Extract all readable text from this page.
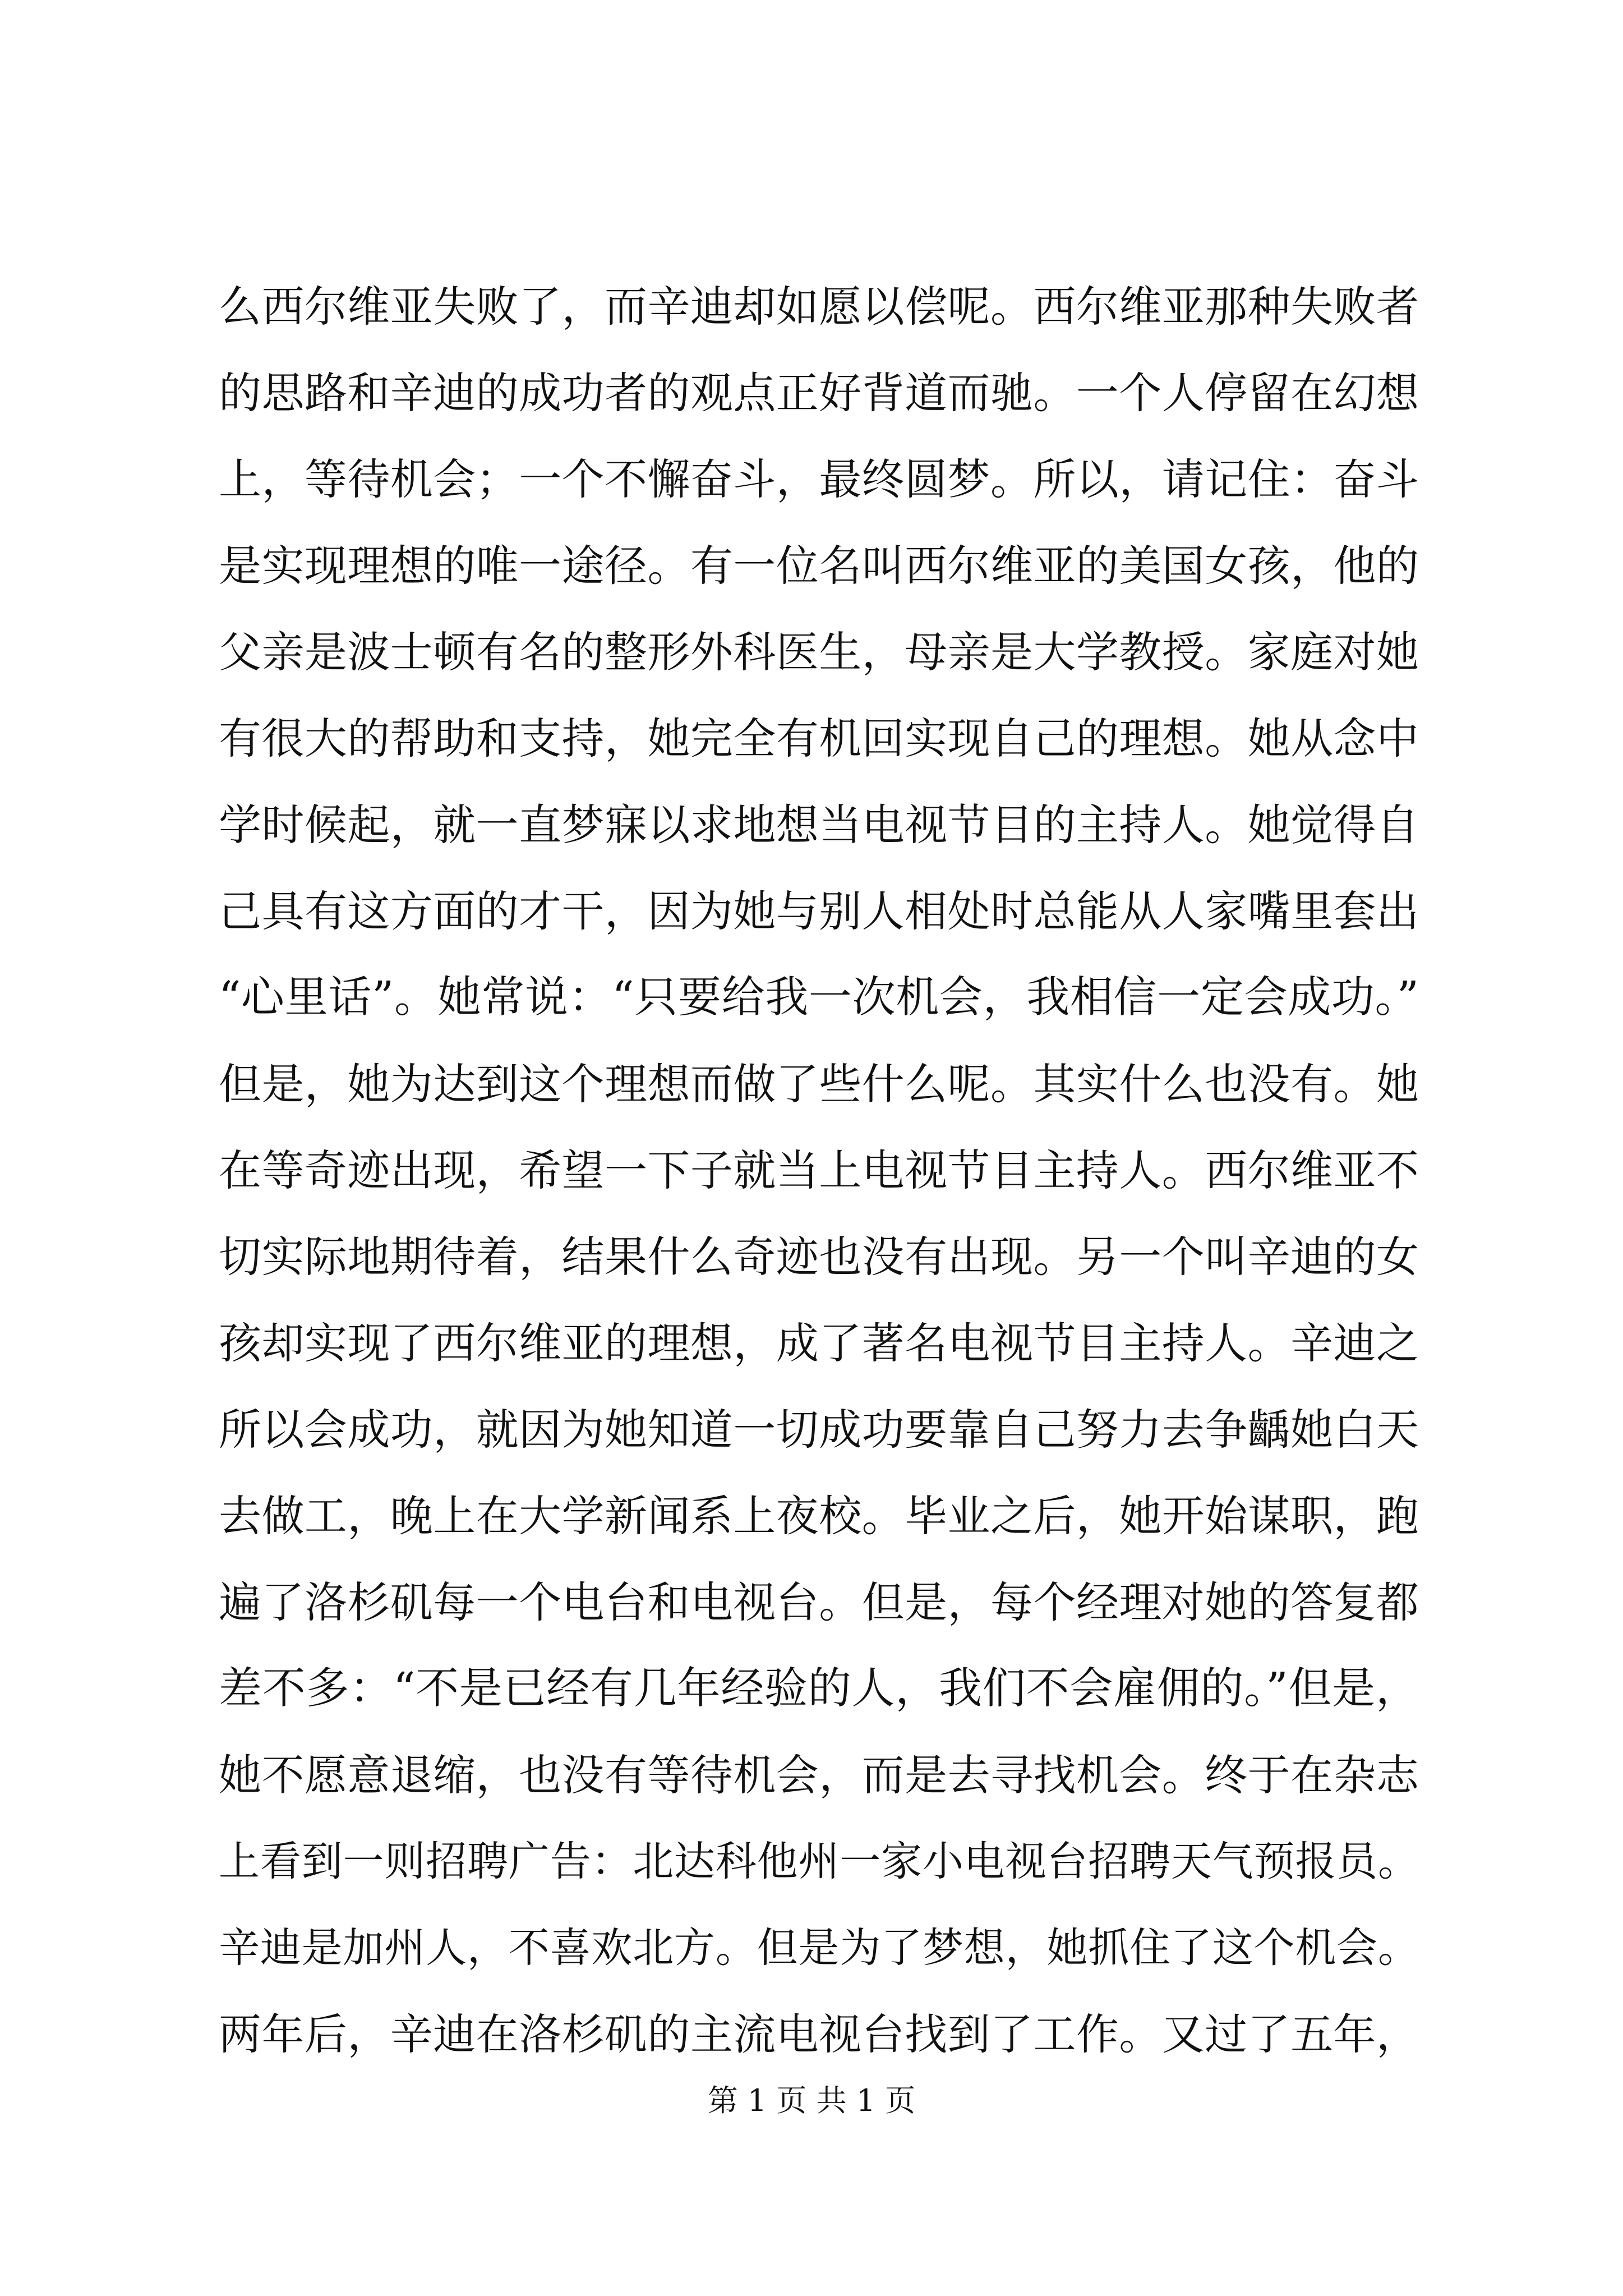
么西尔维亚失败了，而辛迪却如愿以偿呢。西尔维亚那种失败者
的思路和辛迪的成功者的观点正好背道而驰。一个人停留在幻想
上，等待机会；一个不懈奋斗，最终圆梦。所以，请记住：奋斗
是实现理想的唯一途径。有一位名叫西尔维亚的美国女孩，他的
父亲是波士顿有名的整形外科医生，母亲是大学教授。家庭对她
有很大的帮助和支持，她完全有机回实现自己的理想。她从念中
学时候起，就一直梦寐以求地想当电视节目的主持人。她觉得自
己具有这方面的才干，因为她与别人相处时总能从人家嘴里套出
“心里话”。她常说：“只要给我一次机会，我相信一定会成功。”
但是，她为达到这个理想而做了些什么呢。其实什么也没有。她
在等奇迹出现，希望一下子就当上电视节目主持人。西尔维亚不
切实际地期待着，结果什么奇迹也没有出现。另一个叫辛迪的女
孩却实现了西尔维亚的理想，成了著名电视节目主持人。辛迪之
所以会成功，就因为她知道一切成功要靠自己努力去争齲她白天
去做工，晚上在大学新闻系上夜校。毕业之后，她开始谋职，跑
遍了洛杉矶每一个电台和电视台。但是，每个经理对她的答复都
差不多：“不是已经有几年经验的人，我们不会雇佣的。”但是，
她不愿意退缩，也没有等待机会，而是去寻找机会。终于在杂志
上看到一则招聘广告：北达科他州一家小电视台招聘天气预报员。
辛迪是加州人，不喜欢北方。但是为了梦想，她抓住了这个机会。
两年后，辛迪在洛杉矶的主流电视台找到了工作。又过了五年，
第 1 页 共 1 页
